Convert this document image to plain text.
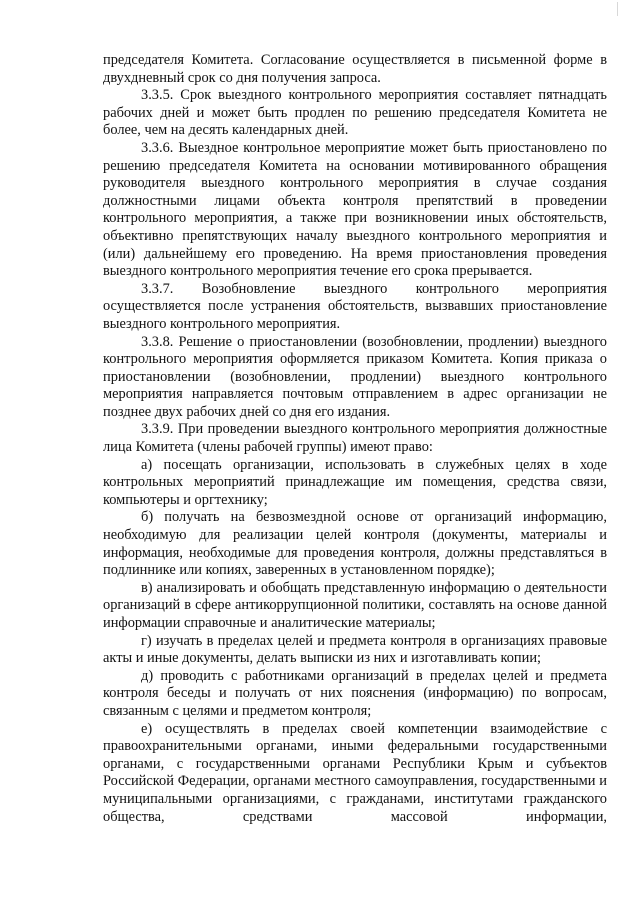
председателя Комитета. Согласование осуществляется в письменной форме в двухдневный срок со дня получения запроса.

3.3.5. Срок выездного контрольного мероприятия составляет пятнадцать рабочих дней и может быть продлен по решению председателя Комитета не более, чем на десять календарных дней.

3.3.6. Выездное контрольное мероприятие может быть приостановлено по решению председателя Комитета на основании мотивированного обращения руководителя выездного контрольного мероприятия в случае создания должностными лицами объекта контроля препятствий в проведении контрольного мероприятия, а также при возникновении иных обстоятельств, объективно препятствующих началу выездного контрольного мероприятия и (или) дальнейшему его проведению. На время приостановления проведения выездного контрольного мероприятия течение его срока прерывается.

3.3.7. Возобновление выездного контрольного мероприятия осуществляется после устранения обстоятельств, вызвавших приостановление выездного контрольного мероприятия.

3.3.8. Решение о приостановлении (возобновлении, продлении) выездного контрольного мероприятия оформляется приказом Комитета. Копия приказа о приостановлении (возобновлении, продлении) выездного контрольного мероприятия направляется почтовым отправлением в адрес организации не позднее двух рабочих дней со дня его издания.

3.3.9. При проведении выездного контрольного мероприятия должностные лица Комитета (члены рабочей группы) имеют право:

а) посещать организации, использовать в служебных целях в ходе контрольных мероприятий принадлежащие им помещения, средства связи, компьютеры и оргтехнику;

б) получать на безвозмездной основе от организаций информацию, необходимую для реализации целей контроля (документы, материалы и информация, необходимые для проведения контроля, должны представляться в подлиннике или копиях, заверенных в установленном порядке);

в) анализировать и обобщать представленную информацию о деятельности организаций в сфере антикоррупционной политики, составлять на основе данной информации справочные и аналитические материалы;

г) изучать в пределах целей и предмета контроля в организациях правовые акты и иные документы, делать выписки из них и изготавливать копии;

д) проводить с работниками организаций в пределах целей и предмета контроля беседы и получать от них пояснения (информацию) по вопросам, связанным с целями и предметом контроля;

е) осуществлять в пределах своей компетенции взаимодействие с правоохранительными органами, иными федеральными государственными органами, с государственными органами Республики Крым и субъектов Российской Федерации, органами местного самоуправления, государственными и муниципальными организациями, с гражданами, институтами гражданского общества, средствами массовой информации,
